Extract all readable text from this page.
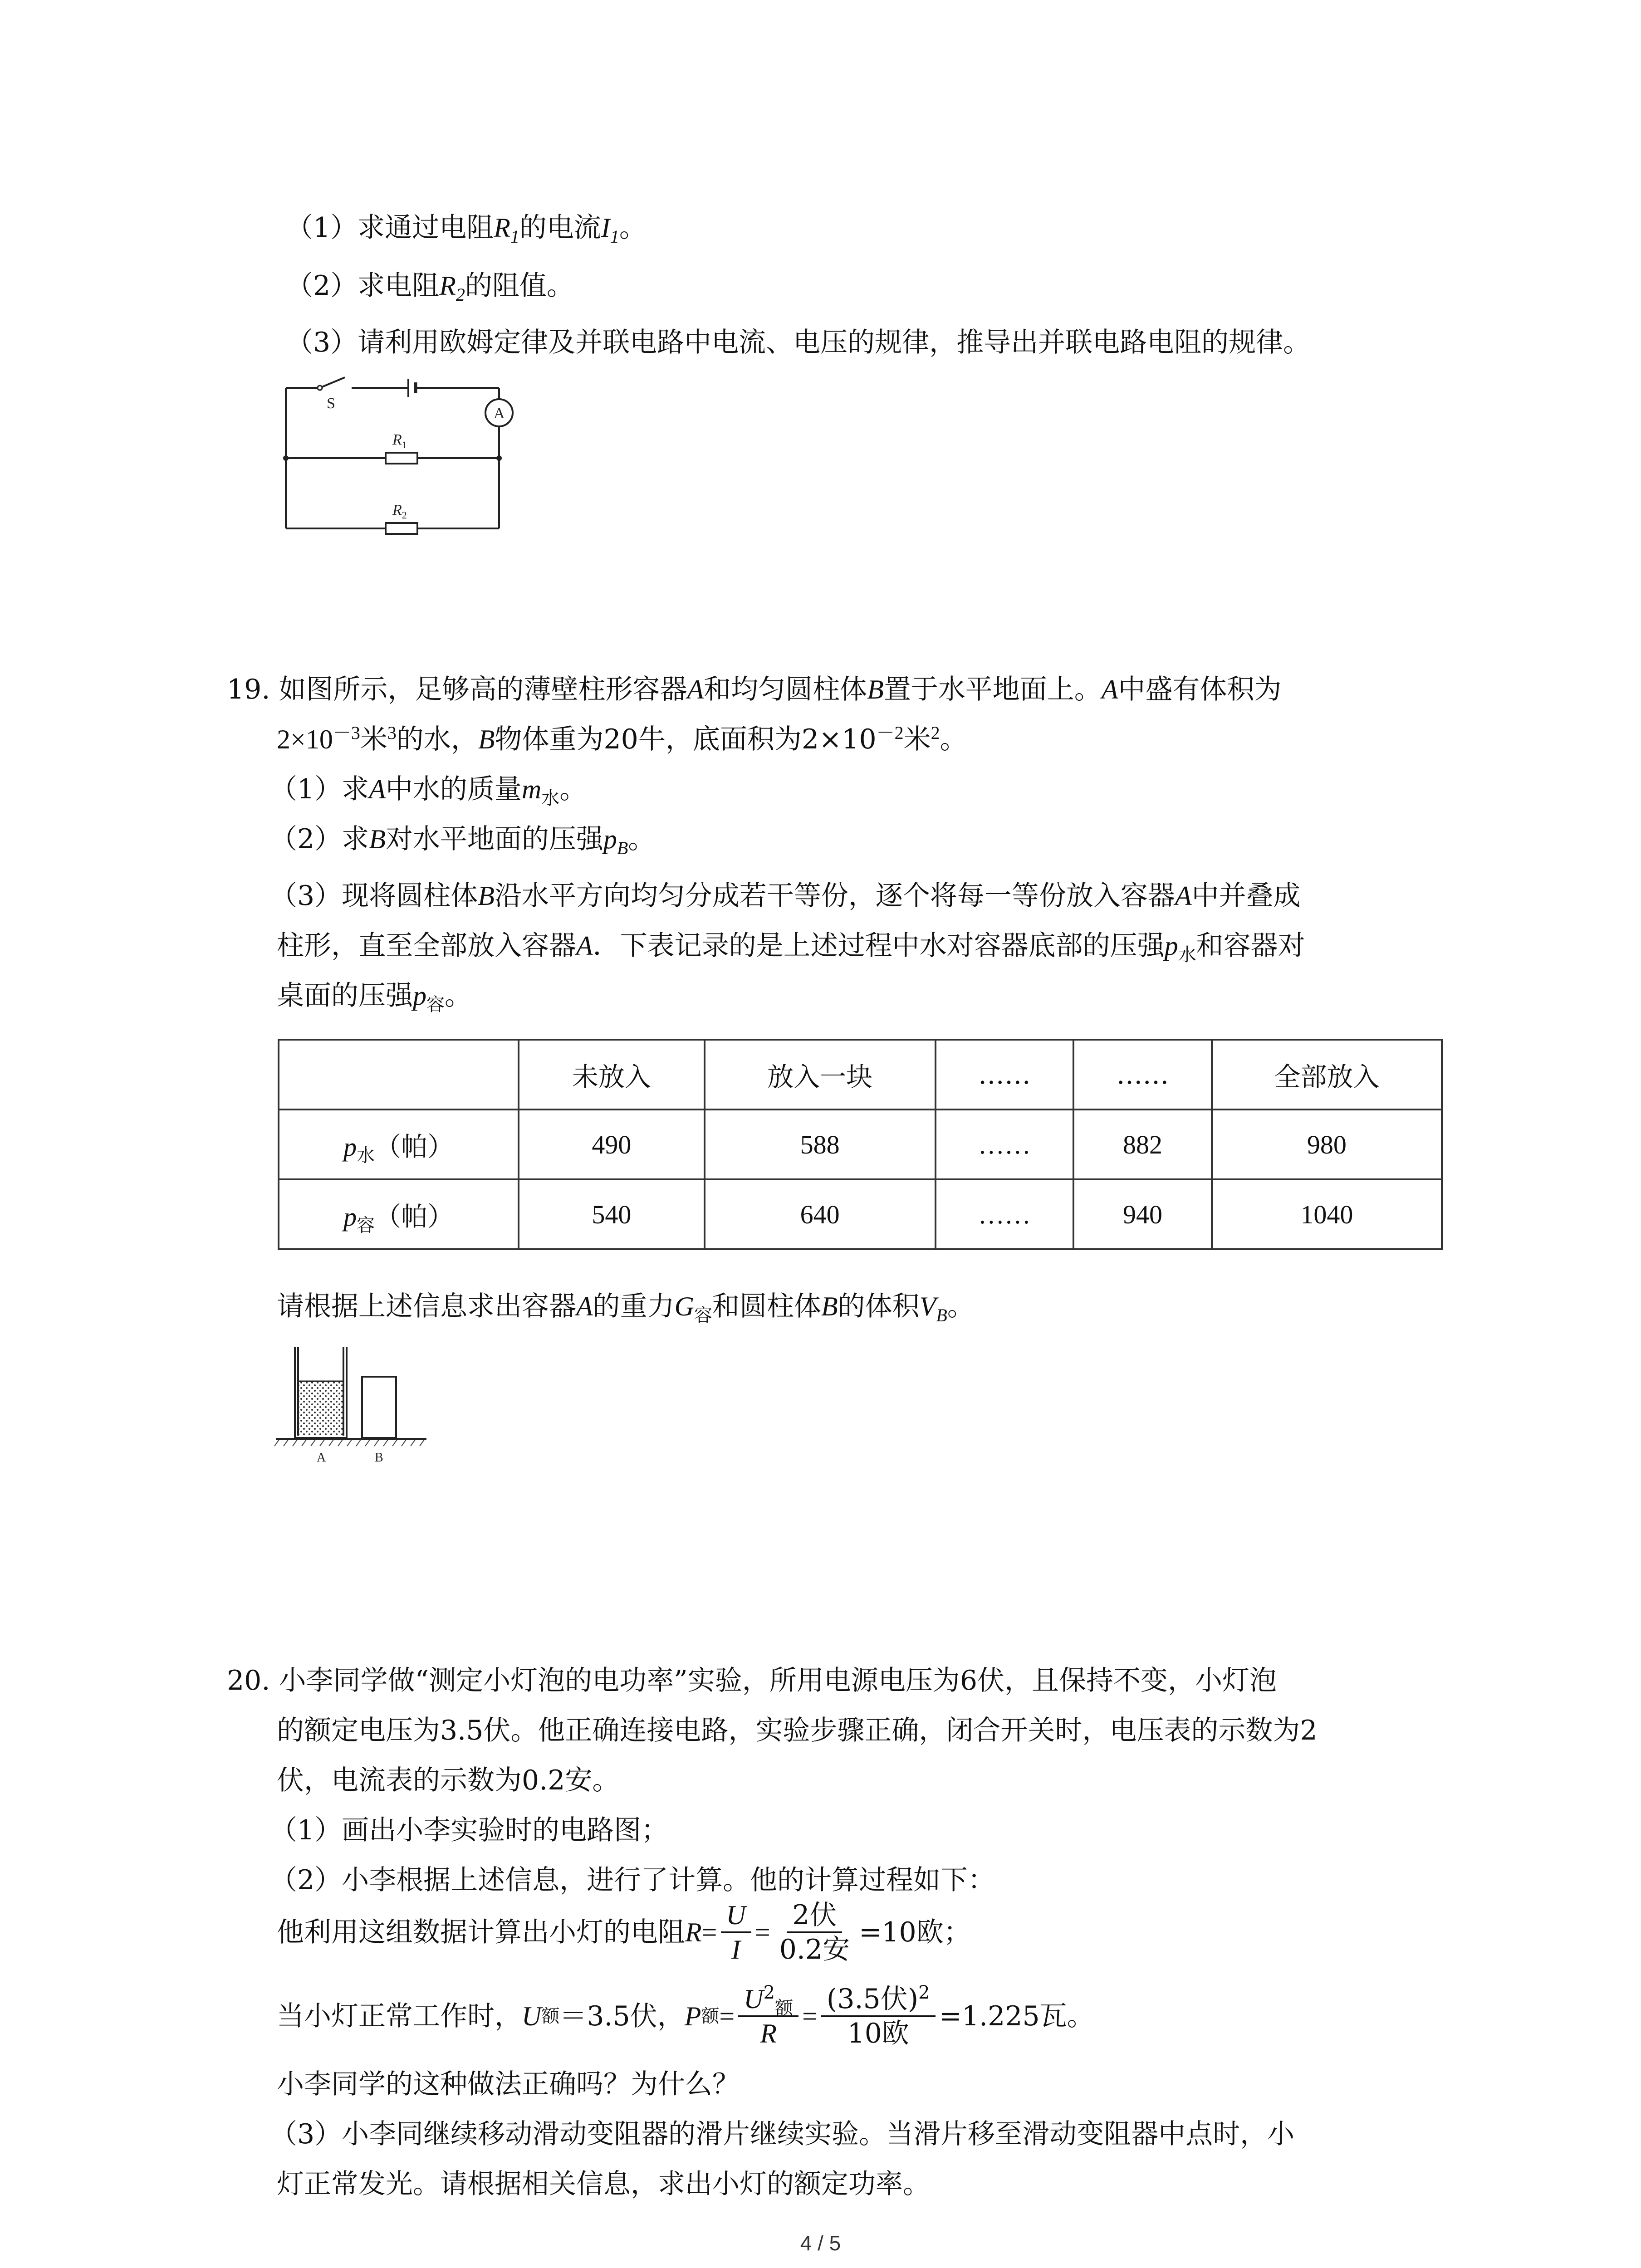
（1）求通过电阻$R_1$的电流$I_1$。
（2）求电阻$R_2$的阻值。
（3）请利用欧姆定律及并联电路中电流、电压的规律，推导出并联电路电阻的规律。
S
A
$R_1$
$R_2$
19. 如图所示，足够高的薄壁柱形容器A和均匀圆柱体B置于水平地面上。A中盛有体积为
$2\times 10^{-3}$米$^3$的水，B物体重为20牛，底面积为$2\times 10^{-2}$米$^2$。
（1）求A中水的质量$m_水$。
（2）求B对水平地面的压强$p_B$。
（3）现将圆柱体B沿水平方向均匀分成若干等份，逐个将每一等份放入容器A中并叠成
柱形，直至全部放入容器A．下表记录的是上述过程中水对容器底部的压强$p_水$和容器对
桌面的压强$p_容$。
	未放入	放入一块	……	……	全部放入
$p_水$（帕）	490	588	……	882	980
$p_容$（帕）	540	640	……	940	1040
请根据上述信息求出容器A的重力$G_容$和圆柱体B的体积$V_B$。
A	B
20. 小李同学做“测定小灯泡的电功率”实验，所用电源电压为6伏，且保持不变，小灯泡
的额定电压为3.5伏。他正确连接电路，实验步骤正确，闭合开关时，电压表的示数为2
伏，电流表的示数为0.2安。
（1）画出小李实验时的电路图；
（2）小李根据上述信息，进行了计算。他的计算过程如下：
他利用这组数据计算出小灯的电阻 $R = \frac{U}{I} = \frac{\text{2伏}}{\text{0.2安}} =10$欧；
当小灯正常工作时， U 额 ＝3.5伏， P 额 = $\frac{U^2_额}{R} = \frac{(3.5伏)^2}{\text{10欧}} =1.225$瓦。
小李同学的这种做法正确吗？为什么？
（3）小李同继续移动滑动变阻器的滑片继续实验。当滑片移至滑动变阻器中点时，小
灯正常发光。请根据相关信息，求出小灯的额定功率。
4 / 5
